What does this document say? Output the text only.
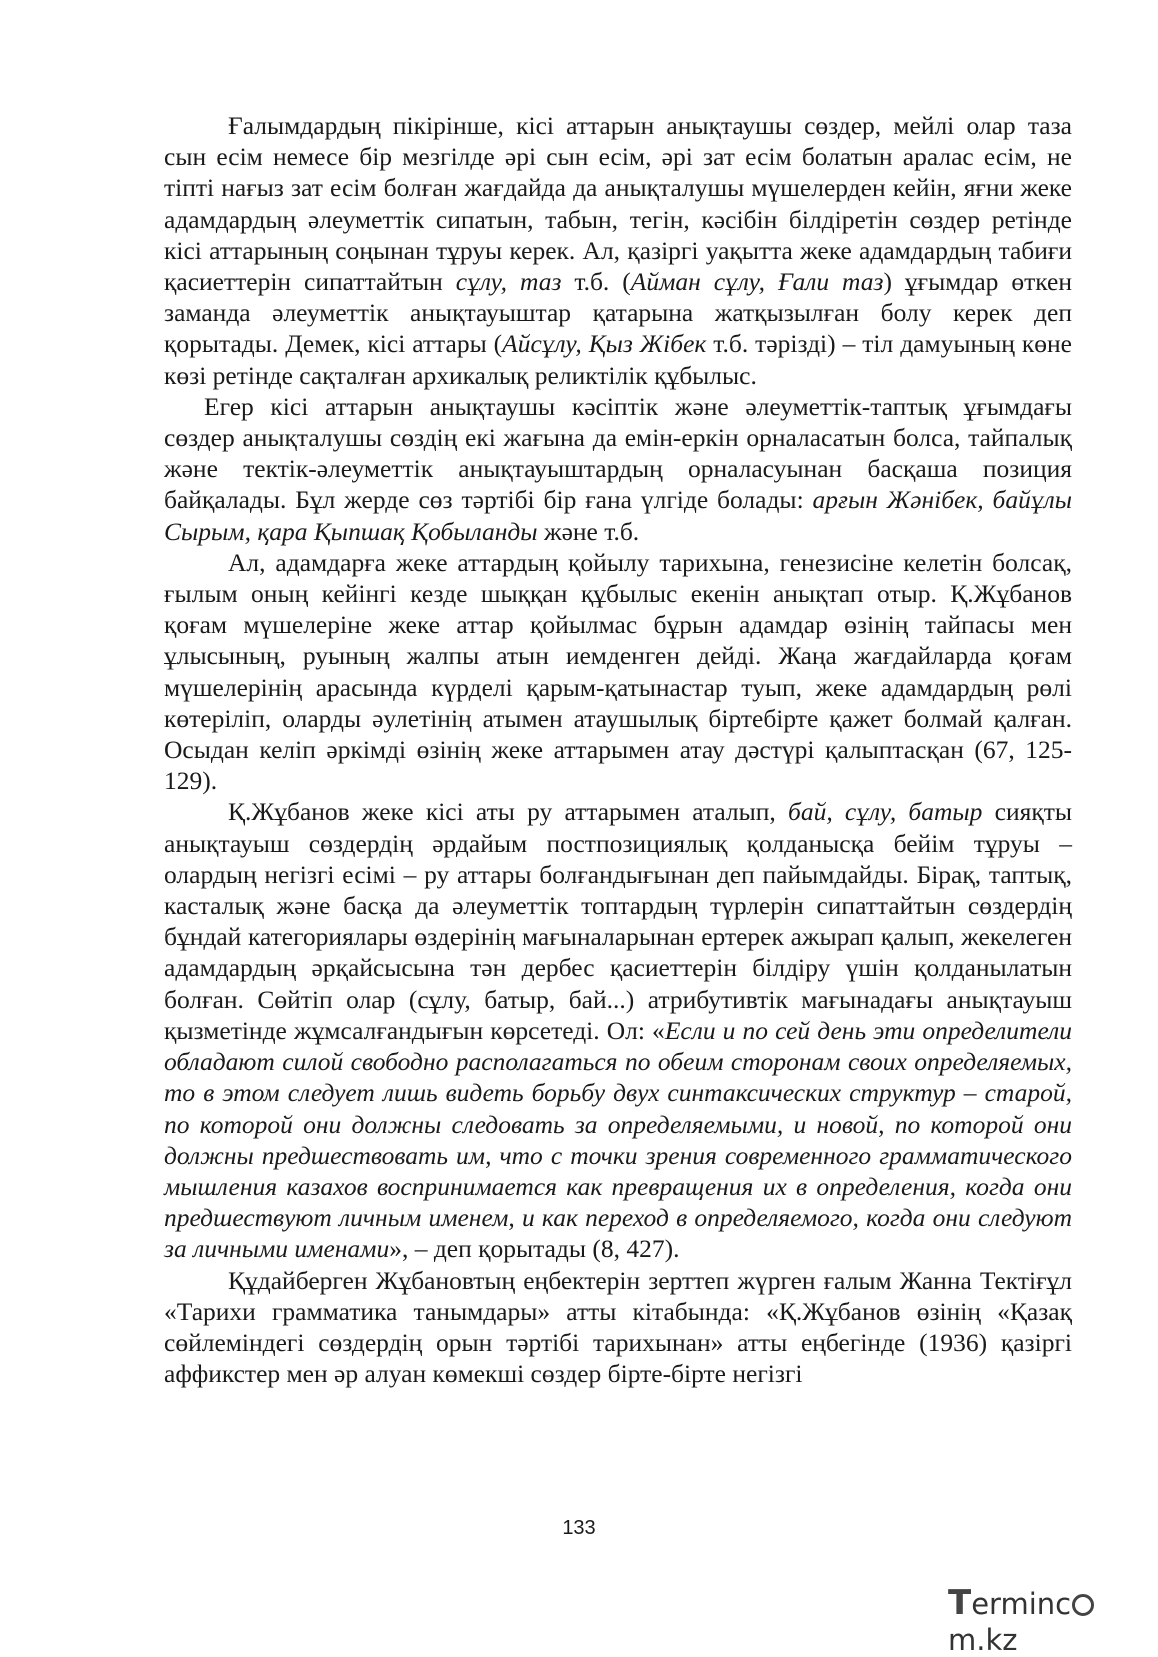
Ғалымдардың пікірінше, кісі аттарын анықтаушы сөздер, мейлі олар таза сын есім немесе бір мезгілде әрі сын есім, әрі зат есім болатын аралас есім, не тіпті нағыз зат есім болған жағдайда да анықталушы мүшелерден кейін, яғни жеке адамдардың әлеуметтік сипатын, табын, тегін, кәсібін білдіретін сөздер ретінде кісі аттарының соңынан тұруы керек. Ал, қазіргі уақытта жеке адамдардың табиғи қасиеттерін сипаттайтын сұлу, таз т.б. (Айман сұлу, Ғали таз) ұғымдар өткен заманда әлеуметтік анықтауыштар қатарына жатқызылған болу керек деп қорытады. Демек, кісі аттары (Айсұлу, Қыз Жібек т.б. тәрізді) – тіл дамуының көне көзі ретінде сақталған архикалық реликтілік құбылыс.

Егер кісі аттарын анықтаушы кәсіптік және әлеуметтік-таптық ұғымдағы сөздер анықталушы сөздің екі жағына да емін-еркін орналасатын болса, тайпалық және тектік-әлеуметтік анықтауыштардың орналасуынан басқаша позиция байқалады. Бұл жерде сөз тәртібі бір ғана үлгіде болады: арғын Жәнібек, байұлы Сырым, қара Қыпшақ Қобыланды және т.б.

Ал, адамдарға жеке аттардың қойылу тарихына, генезисіне келетін болсақ, ғылым оның кейінгі кезде шыққан құбылыс екенін анықтап отыр. Қ.Жұбанов қоғам мүшелеріне жеке аттар қойылмас бұрын адамдар өзінің тайпасы мен ұлысының, руының жалпы атын иемденген дейді. Жаңа жағдайларда қоғам мүшелерінің арасында күрделі қарым-қатынастар туып, жеке адамдардың рөлі көтеріліп, оларды әулетінің атымен атаушылық біртебірте қажет болмай қалған. Осыдан келіп әркімді өзінің жеке аттарымен атау дәстүрі қалыптасқан (67, 125-129).

Қ.Жұбанов жеке кісі аты ру аттарымен аталып, бай, сұлу, батыр сияқты анықтауыш сөздердің әрдайым постпозициялық қолданысқа бейім тұруы – олардың негізгі есімі – ру аттары болғандығынан деп пайымдайды. Бірақ, таптық, касталық және басқа да әлеуметтік топтардың түрлерін сипаттайтын сөздердің бұндай категориялары өздерінің мағыналарынан ертерек ажырап қалып, жекелеген адамдардың әрқайсысына тән дербес қасиеттерін білдіру үшін қолданылатын болған. Сөйтіп олар (сұлу, батыр, бай...) атрибутивтік мағынадағы анықтауыш қызметінде жұмсалғандығын көрсетеді. Ол: «Если и по сей день эти определители обладают силой свободно располагаться по обеим сторонам своих определяемых, то в этом следует лишь видеть борьбу двух синтаксических структур – старой, по которой они должны следовать за определяемыми, и новой, по которой они должны предшествовать им, что с точки зрения современного грамматического мышления казахов воспринимается как превращения их в определения, когда они предшествуют личным именем, и как переход в определяемого, когда они следуют за личными именами», – деп қорытады (8, 427).

Құдайберген Жұбановтың еңбектерін зерттеп жүрген ғалым Жанна Тектіғұл «Тарихи грамматика танымдары» атты кітабында: «Қ.Жұбанов өзінің «Қазақ сөйлеміндегі сөздердің орын тәртібі тарихынан» атты еңбегінде (1936) қазіргі аффикстер мен әр алуан көмекші сөздер бірте-бірте негізгі

133
Termincm.kz
